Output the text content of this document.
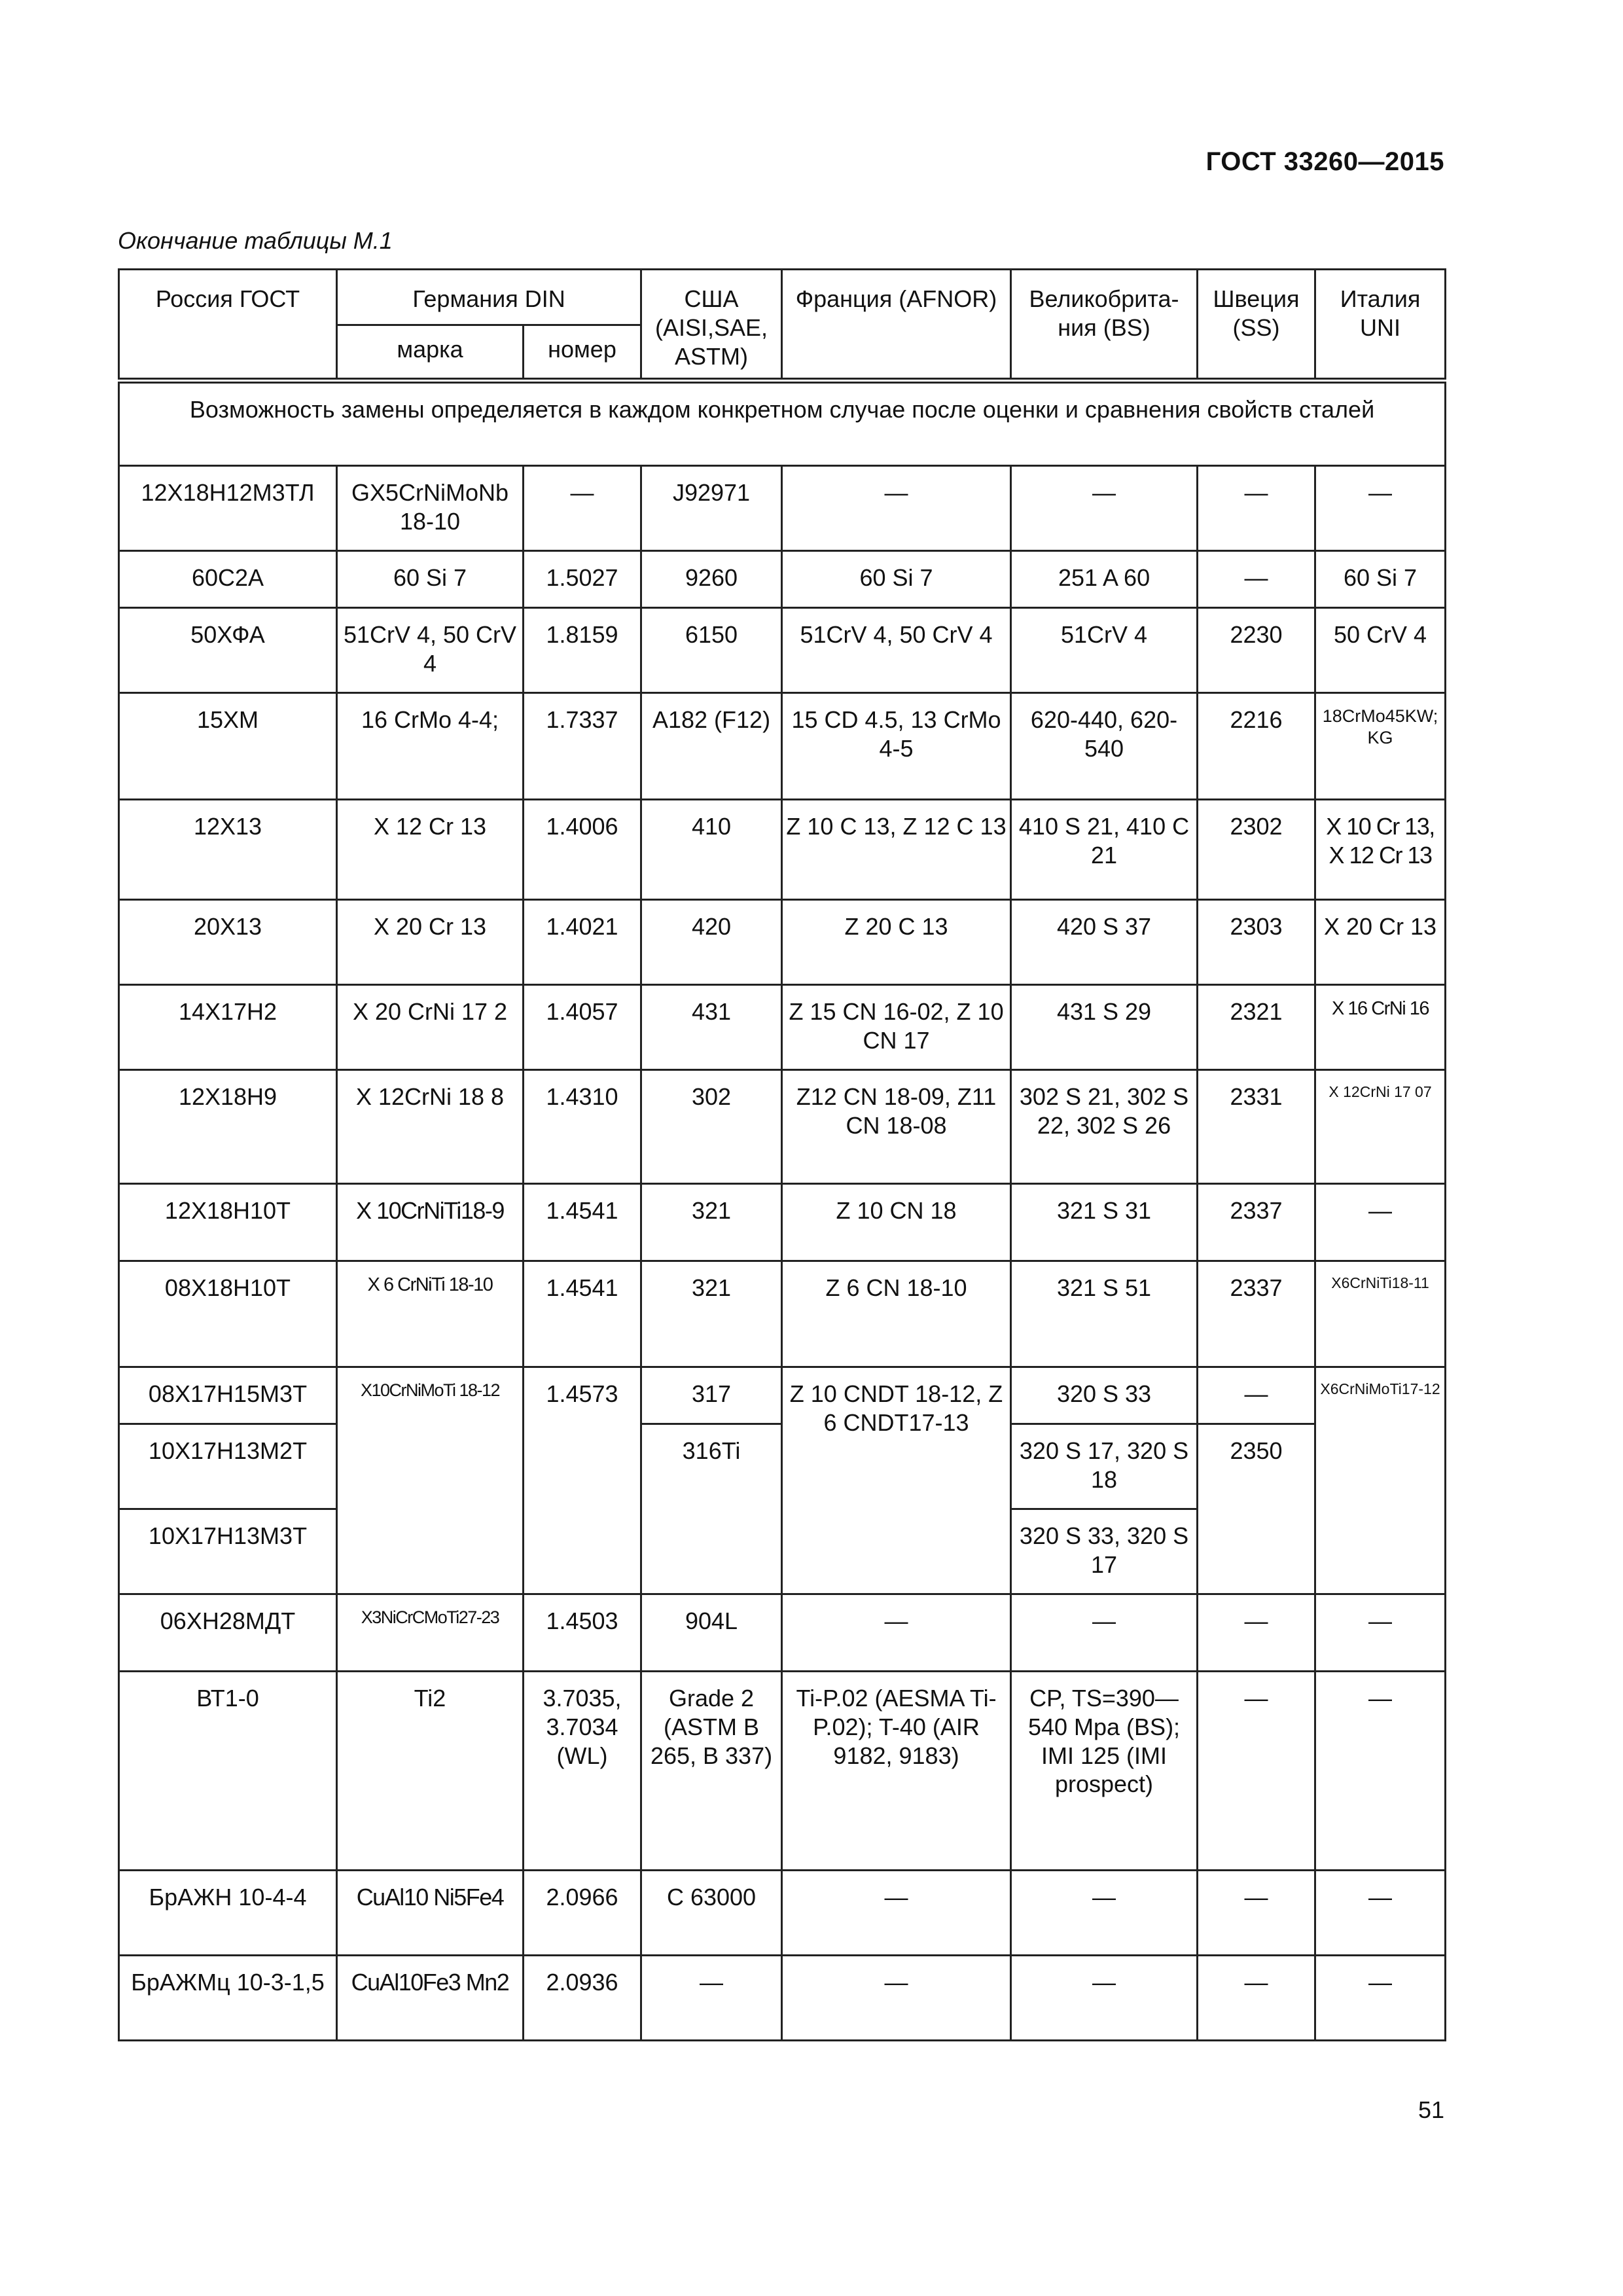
ГОСТ 33260—2015
Окончание таблицы М.1
Россия ГОСТ	Германия DIN		США (AISI,SAE, ASTM)	Франция (AFNOR)	Великобрита-ния (BS)	Швеция (SS)	Италия UNI
	марка	номер					
Возможность замены определяется в каждом конкретном случае после оценки и сравнения свойств сталей							
12Х18Н12М3ТЛ	GX5CrNiMoNb 18-10	—	J92971	—	—	—	—
60С2А	60 Si 7	1.5027	9260	60 Si 7	251 A 60	—	60 Si 7
50ХФА	51CrV 4, 50 CrV 4	1.8159	6150	51CrV 4, 50 CrV 4	51CrV 4	2230	50 CrV 4
15ХМ	16 CrMo 4-4;	1.7337	A182 (F12)	15 CD 4.5, 13 CrMo 4-5	620-440, 620-540	2216	18CrMo45KW; KG
12Х13	X 12 Cr 13	1.4006	410	Z 10 C 13, Z 12 C 13	410 S 21, 410 C 21	2302	X 10 Cr 13, X 12 Cr 13
20Х13	X 20 Cr 13	1.4021	420	Z 20 C 13	420 S 37	2303	X 20 Cr 13
14Х17Н2	X 20 CrNi 17 2	1.4057	431	Z 15 CN 16-02, Z 10 CN 17	431 S 29	2321	X 16 CrNi 16
12Х18Н9	X 12CrNi 18 8	1.4310	302	Z12 CN 18-09, Z11 CN 18-08	302 S 21, 302 S 22, 302 S 26	2331	X 12CrNi 17 07
12Х18Н10Т	X 10CrNiTi18-9	1.4541	321	Z 10 CN 18	321 S 31	2337	—
08Х18Н10Т	X 6 CrNiTi 18-10	1.4541	321	Z 6 CN 18-10	321 S 51	2337	X6CrNiTi18-11
08Х17Н15М3Т	X10CrNiMoTi 18-12	1.4573	317	Z 10 CNDT 18-12, Z 6 CNDT17-13	320 S 33	—	X6CrNiMoTi17-12
10Х17Н13М2Т			316Ti		320 S 17, 320 S 18	2350	
10Х17Н13М3Т					320 S 33, 320 S 17		
06ХН28МДТ	X3NiCrCMoTi27-23	1.4503	904L	—	—	—	—
ВТ1-0	Ti2	3.7035, 3.7034 (WL)	Grade 2 (ASTM B 265, B 337)	Ti-P.02 (AESMA Ti-P.02); T-40 (AIR 9182, 9183)	CP, TS=390— 540 Mpa (BS); IMI 125 (IMI prospect)	—	—
БрАЖН 10-4-4	CuAl10 Ni5Fe4	2.0966	C 63000	—	—	—	—
БрАЖМц 10-3-1,5	CuAl10Fe3 Mn2	2.0936	—	—	—	—	—
51
